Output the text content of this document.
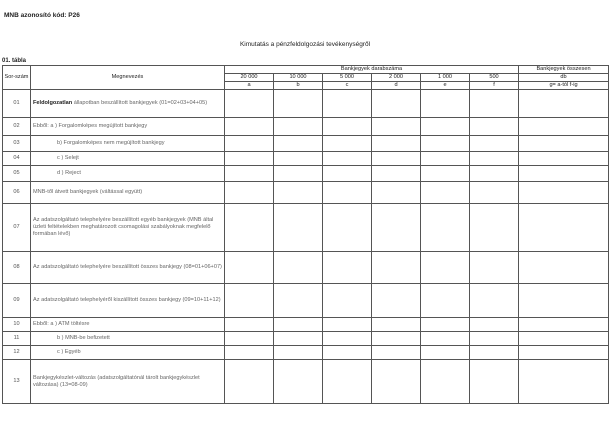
MNB azonosító kód: P26
Kimutatás a pénzfeldolgozási tevékenységről
01. tábla
Sor-szám	Megnevezés	Bankjegyek darabszáma						Bankjegyek összesen
		20 000	10 000	5 000	2 000	1 000	500	db
		a	b	c	d	e	f	g= a-tól f-ig
01	Feldolgozatlan állapotban beszállított bankjegyek (01=02+03+04+05)							
02	Ebből: a ) Forgalomképes megújított bankjegy							
03	b) Forgalomképes nem megújított bankjegy							
04	c ) Selejt							
05	d ) Reject							
06	MNB-től átvett bankjegyek (váltással együtt)							
07	Az adatszolgáltató telephelyére beszállított egyéb bankjegyek (MNB által üzleti feltételekben meghatározott csomagolási szabályoknak megfelelő formában lévő)							
08	Az adatszolgáltató telephelyére beszállított összes bankjegy (08=01+06+07)							
09	Az adatszolgáltató telephelyéről kiszállított összes bankjegy (09=10+11+12)							
10	Ebből: a ) ATM töltésre							
11	b ) MNB-be befizetett							
12	c ) Egyéb							
13	Bankjegykészlet-változás (adatszolgáltatónál tárolt bankjegykészlet változása) (13=08-09)							
